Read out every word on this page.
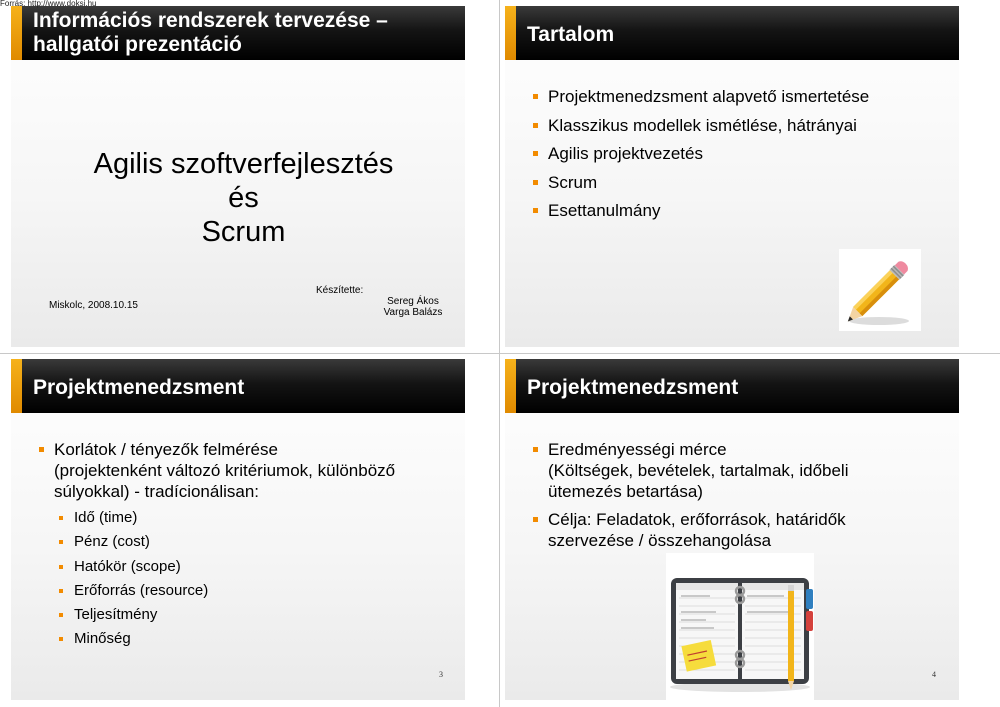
Forrás: http://www.doksi.hu
Információs rendszerek tervezése –
hallgatói prezentáció
Agilis szoftverfejlesztés
és
Scrum
Készítette:
Miskolc, 2008.10.15	Sereg Ákos
Varga Balázs
Tartalom
Projektmenedzsment alapvető ismertetése
Klasszikus modellek ismétlése, hátrányai
Agilis projektvezetés
Scrum
Esettanulmány
Projektmenedzsment
Korlátok / tényezők felmérése
(projektenként változó kritériumok, különböző
súlyokkal) - tradícionálisan:
Idő (time)
Pénz (cost)
Hatókör (scope)
Erőforrás (resource)
Teljesítmény
Minőség
3
Projektmenedzsment
Eredményességi mérce
(Költségek, bevételek, tartalmak, időbeli
ütemezés betartása)
Célja: Feladatok, erőforrások, határidők
szervezése / összehangolása
4
